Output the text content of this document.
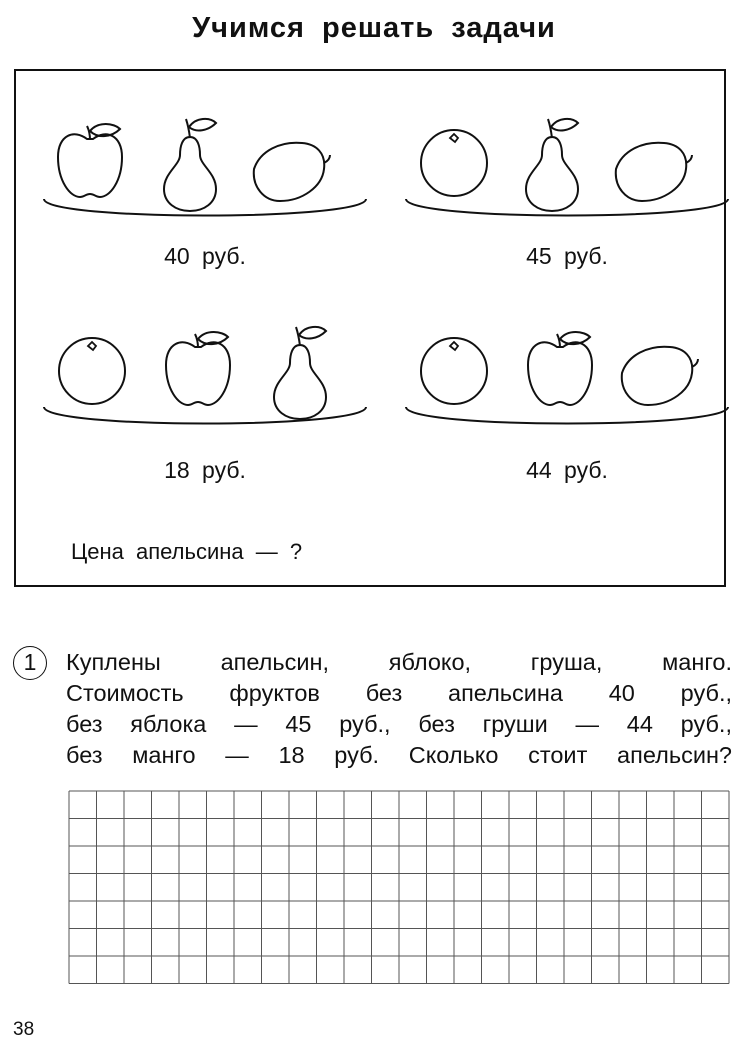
Учимся решать задачи
40 руб.	45 руб.
18 руб.	44 руб.
Цена апельсина — ?
1	Куплены апельсин, яблоко, груша, манго.
Стоимость фруктов без апельсина 40 руб.,
без яблока — 45 руб., без груши — 44 руб.,
без манго — 18 руб. Сколько стоит апельсин?
38
